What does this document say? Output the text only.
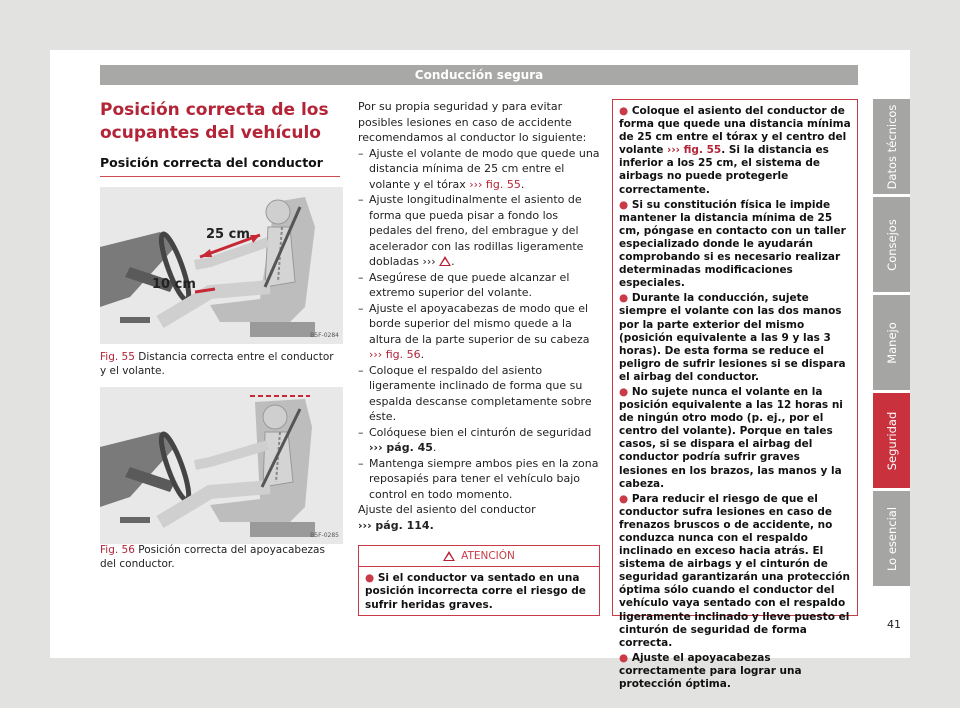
Conducción segura
Posición correcta de los ocupantes del vehículo
Posición correcta del conductor
25 cm
10 cm
B5F-0284
Fig. 55 Distancia correcta entre el conductor y el volante.
B5F-0285
Fig. 56 Posición correcta del apoyacabezas del conductor.

Por su propia seguridad y para evitar posibles lesiones en caso de accidente recomendamos al conductor lo siguiente:

– Ajuste el volante de modo que quede una distancia mínima de 25 cm entre el volante y el tórax ››› fig. 55.
– Ajuste longitudinalmente el asiento de forma que pueda pisar a fondo los pedales del freno, del embrague y del acelerador con las rodillas ligeramente dobladas ››› .
– Asegúrese de que puede alcanzar el extremo superior del volante.
– Ajuste el apoyacabezas de modo que el borde superior del mismo quede a la altura de la parte superior de su cabeza ››› fig. 56.
– Coloque el respaldo del asiento ligeramente inclinado de forma que su espalda descanse completamente sobre éste.
– Colóquese bien el cinturón de seguridad ››› pág. 45.
– Mantenga siempre ambos pies en la zona reposapiés para tener el vehículo bajo control en todo momento.

Ajuste del asiento del conductor
››› pág. 114.

ATENCIÓN
● Si el conductor va sentado en una posición incorrecta corre el riesgo de sufrir heridas graves.

● Coloque el asiento del conductor de forma que quede una distancia mínima de 25 cm entre el tórax y el centro del volante ››› fig. 55. Si la distancia es inferior a los 25 cm, el sistema de airbags no puede protegerle correctamente.

● Si su constitución física le impide mantener la distancia mínima de 25 cm, póngase en contacto con un taller especializado donde le ayudarán comprobando si es necesario realizar determinadas modificaciones especiales.

● Durante la conducción, sujete siempre el volante con las dos manos por la parte exterior del mismo (posición equivalente a las 9 y las 3 horas). De esta forma se reduce el peligro de sufrir lesiones si se dispara el airbag del conductor.

● No sujete nunca el volante en la posición equivalente a las 12 horas ni de ningún otro modo (p. ej., por el centro del volante). Porque en tales casos, si se dispara el airbag del conductor podría sufrir graves lesiones en los brazos, las manos y la cabeza.

● Para reducir el riesgo de que el conductor sufra lesiones en caso de frenazos bruscos o de accidente, no conduzca nunca con el respaldo inclinado en exceso hacia atrás. El sistema de airbags y el cinturón de seguridad garantizarán una protección óptima sólo cuando el conductor del vehículo vaya sentado con el respaldo ligeramente inclinado y lleve puesto el cinturón de seguridad de forma correcta.

● Ajuste el apoyacabezas correctamente para lograr una protección óptima.

Datos técnicos
Consejos
Manejo
Seguridad
Lo esencial
41
